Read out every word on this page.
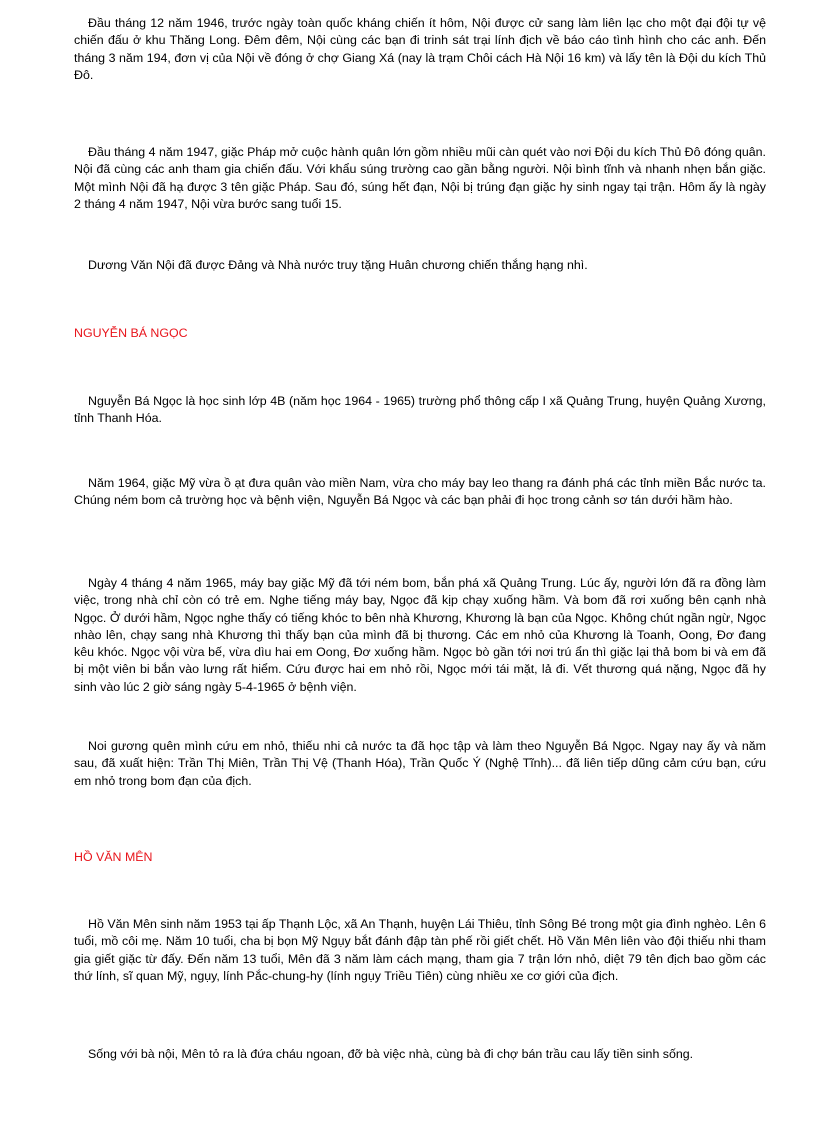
Đầu tháng 12 năm 1946, trước ngày toàn quốc kháng chiến ít hôm, Nội được cử sang làm liên lạc cho một đại đội tự vệ chiến đấu ở khu Thăng Long. Đêm đêm, Nội cùng các bạn đi trinh sát trại lính địch về báo cáo tình hình cho các anh. Đến tháng 3 năm 194, đơn vị của Nội về đóng ở chợ Giang Xá (nay là trạm Chôi cách Hà Nội 16 km) và lấy tên là Đội du kích Thủ Đô.

Đầu tháng 4 năm 1947, giặc Pháp mở cuộc hành quân lớn gồm nhiều mũi càn quét vào nơi Đội du kích Thủ Đô đóng quân. Nội đã cùng các anh tham gia chiến đấu. Với khẩu súng trường cao gần bằng người. Nội bình tĩnh và nhanh nhẹn bắn giặc. Một mình Nội đã hạ được 3 tên giặc Pháp. Sau đó, súng hết đạn, Nội bị trúng đạn giặc hy sinh ngay tại trận. Hôm ấy là ngày 2 tháng 4 năm 1947, Nội vừa bước sang tuổi 15.

Dương Văn Nội đã được Đảng và Nhà nước truy tặng Huân chương chiến thắng hạng nhì.

NGUYỄN BÁ NGỌC

Nguyễn Bá Ngọc là học sinh lớp 4B (năm học 1964 - 1965) trường phổ thông cấp I xã Quảng Trung, huyện Quảng Xương, tỉnh Thanh Hóa.

Năm 1964, giặc Mỹ vừa ồ ạt đưa quân vào miền Nam, vừa cho máy bay leo thang ra đánh phá các tỉnh miền Bắc nước ta. Chúng ném bom cả trường học và bệnh viện, Nguyễn Bá Ngọc và các bạn phải đi học trong cảnh sơ tán dưới hầm hào.

Ngày 4 tháng 4 năm 1965, máy bay giặc Mỹ đã tới ném bom, bắn phá xã Quảng Trung. Lúc ấy, người lớn đã ra đồng làm việc, trong nhà chỉ còn có trẻ em. Nghe tiếng máy bay, Ngọc đã kịp chạy xuống hầm. Và bom đã rơi xuống bên cạnh nhà Ngọc. Ở dưới hầm, Ngọc nghe thấy có tiếng khóc to bên nhà Khương, Khương là bạn của Ngọc. Không chút ngần ngừ, Ngọc nhào lên, chạy sang nhà Khương thì thấy bạn của mình đã bị thương. Các em nhỏ của Khương là Toanh, Oong, Đơ đang kêu khóc. Ngọc vội vừa bế, vừa dìu hai em Oong, Đơ xuống hầm. Ngọc bò gần tới nơi trú ẩn thì giặc lại thả bom bi và em đã bị một viên bi bắn vào lưng rất hiểm. Cứu được hai em nhỏ rồi, Ngọc mới tái mặt, lả đi. Vết thương quá nặng, Ngọc đã hy sinh vào lúc 2 giờ sáng ngày 5-4-1965 ở bệnh viện.

Noi gương quên mình cứu em nhỏ, thiếu nhi cả nước ta đã học tập và làm theo Nguyễn Bá Ngọc. Ngay nay ấy và năm sau, đã xuất hiện: Trần Thị Miên, Trần Thị Vệ (Thanh Hóa), Trần Quốc Ý (Nghệ Tĩnh)... đã liên tiếp dũng cảm cứu bạn, cứu em nhỏ trong bom đạn của địch.

HỒ VĂN MÊN

Hồ Văn Mên sinh năm 1953 tại ấp Thạnh Lộc, xã An Thạnh, huyện Lái Thiêu, tỉnh Sông Bé trong một gia đình nghèo. Lên 6 tuổi, mồ côi mẹ. Năm 10 tuổi, cha bị bọn Mỹ Ngụy bắt đánh đập tàn phế rồi giết chết. Hồ Văn Mên liên vào đội thiếu nhi tham gia giết giặc từ đấy. Đến năm 13 tuổi, Mên đã 3 năm làm cách mạng, tham gia 7 trận lớn nhỏ, diệt 79 tên địch bao gồm các thứ lính, sĩ quan Mỹ, ngụy, lính Pắc-chung-hy (lính ngụy Triều Tiên) cùng nhiều xe cơ giới của địch.

Sống với bà nội, Mên tỏ ra là đứa cháu ngoan, đỡ bà việc nhà, cùng bà đi chợ bán trầu cau lấy tiền sinh sống.
